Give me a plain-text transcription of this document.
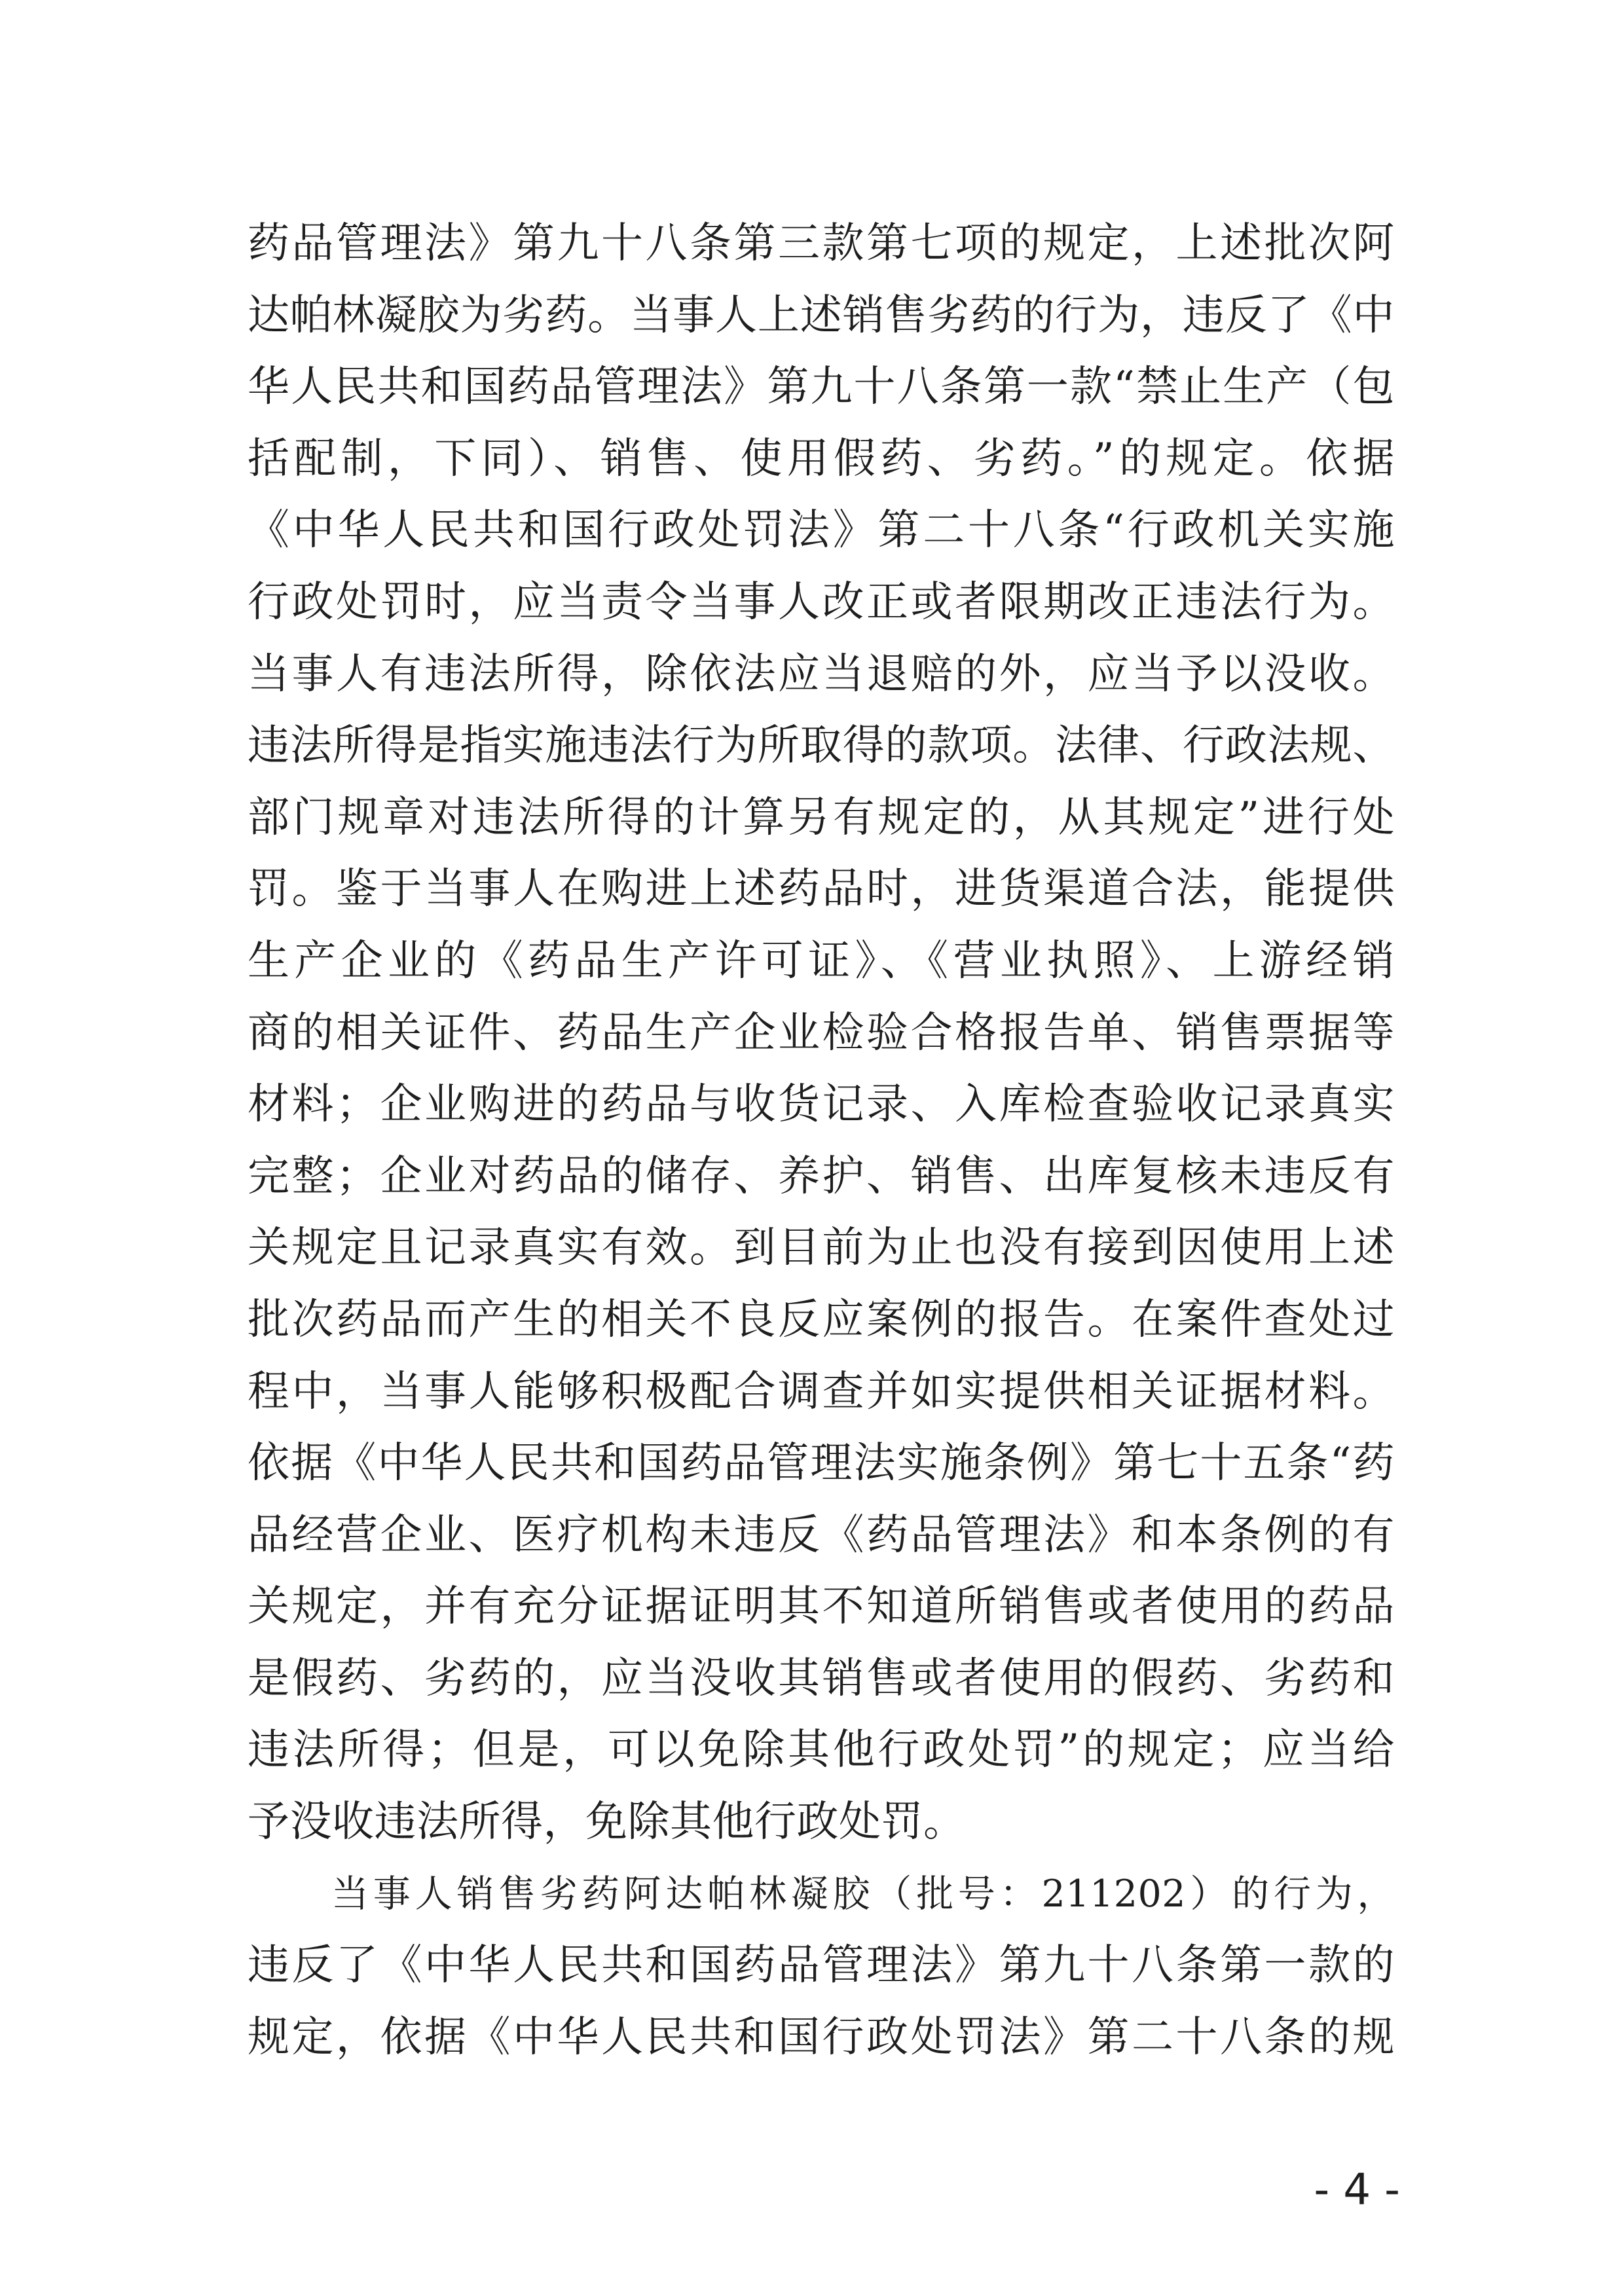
药品管理法》第九十八条第三款第七项的规定，上述批次阿
达帕林凝胶为劣药。当事人上述销售劣药的行为，违反了《中
华人民共和国药品管理法》第九十八条第一款“禁止生产（包
括配制，下同）、销售、使用假药、劣药。”的规定。依据
《中华人民共和国行政处罚法》第二十八条“行政机关实施
行政处罚时，应当责令当事人改正或者限期改正违法行为。
当事人有违法所得，除依法应当退赔的外，应当予以没收。
违法所得是指实施违法行为所取得的款项。法律、行政法规、
部门规章对违法所得的计算另有规定的，从其规定”进行处
罚。鉴于当事人在购进上述药品时，进货渠道合法，能提供
生产企业的《药品生产许可证》、《营业执照》、上游经销
商的相关证件、药品生产企业检验合格报告单、销售票据等
材料；企业购进的药品与收货记录、入库检查验收记录真实
完整；企业对药品的储存、养护、销售、出库复核未违反有
关规定且记录真实有效。到目前为止也没有接到因使用上述
批次药品而产生的相关不良反应案例的报告。在案件查处过
程中，当事人能够积极配合调查并如实提供相关证据材料。
依据《中华人民共和国药品管理法实施条例》第七十五条“药
品经营企业、医疗机构未违反《药品管理法》和本条例的有
关规定，并有充分证据证明其不知道所销售或者使用的药品
是假药、劣药的，应当没收其销售或者使用的假药、劣药和
违法所得；但是，可以免除其他行政处罚”的规定；应当给
予没收违法所得，免除其他行政处罚。
当事人销售劣药阿达帕林凝胶（批号：211202）的行为，
违反了《中华人民共和国药品管理法》第九十八条第一款的
规定，依据《中华人民共和国行政处罚法》第二十八条的规
- 4 -
